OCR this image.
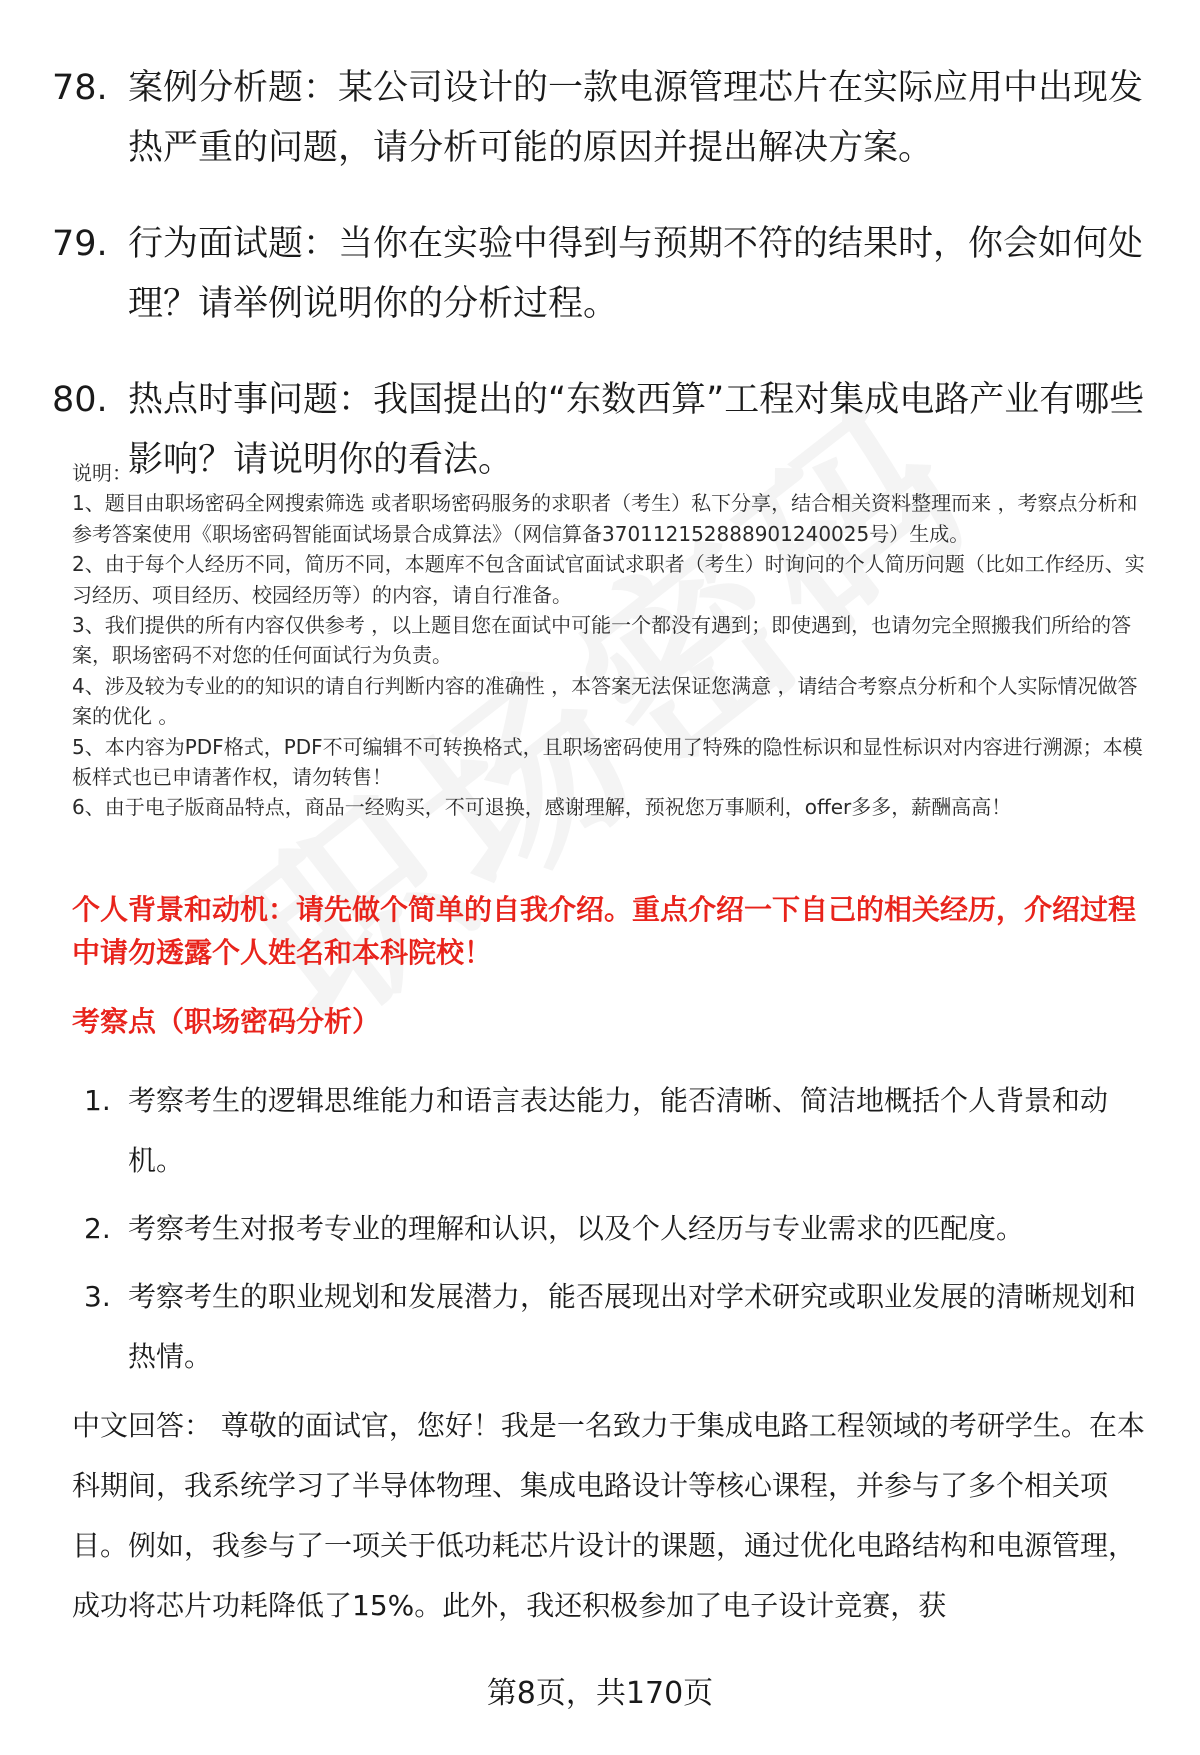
78. 案例分析题：某公司设计的一款电源管理芯片在实际应用中出现发热严重的问题，请分析可能的原因并提出解决方案。
79. 行为面试题：当你在实验中得到与预期不符的结果时，你会如何处理？请举例说明你的分析过程。
80. 热点时事问题：我国提出的“东数西算”工程对集成电路产业有哪些影响？请说明你的看法。

说明：

1、题目由职场密码全网搜索筛选 或者职场密码服务的求职者（考生）私下分享，结合相关资料整理而来 ，考察点分析和参考答案使用《职场密码智能面试场景合成算法》（网信算备370112152888901240025号）生成。

2、由于每个人经历不同，简历不同，本题库不包含面试官面试求职者（考生）时询问的个人简历问题（比如工作经历、实习经历、项目经历、校园经历等）的内容，请自行准备。

3、我们提供的所有内容仅供参考 ，以上题目您在面试中可能一个都没有遇到；即使遇到，也请勿完全照搬我们所给的答案，职场密码不对您的任何面试行为负责。

4、涉及较为专业的的知识的请自行判断内容的准确性 ，本答案无法保证您满意 ，请结合考察点分析和个人实际情况做答案的优化 。

5、本内容为PDF格式，PDF不可编辑不可转换格式，且职场密码使用了特殊的隐性标识和显性标识对内容进行溯源；本模板样式也已申请著作权，请勿转售！

6、由于电子版商品特点，商品一经购买，不可退换，感谢理解，预祝您万事顺利，offer多多，薪酬高高！

个人背景和动机：请先做个简单的自我介绍。重点介绍一下自己的相关经历，介绍过程中请勿透露个人姓名和本科院校！

考察点（职场密码分析）

1. 考察考生的逻辑思维能力和语言表达能力，能否清晰、简洁地概括个人背景和动机。
2. 考察考生对报考专业的理解和认识，以及个人经历与专业需求的匹配度。
3. 考察考生的职业规划和发展潜力，能否展现出对学术研究或职业发展的清晰规划和热情。

中文回答： 尊敬的面试官，您好！我是一名致力于集成电路工程领域的考研学生。在本科期间，我系统学习了半导体物理、集成电路设计等核心课程，并参与了多个相关项目。例如，我参与了一项关于低功耗芯片设计的课题，通过优化电路结构和电源管理，成功将芯片功耗降低了15%。此外，我还积极参加了电子设计竞赛，获

第8页，共170页
